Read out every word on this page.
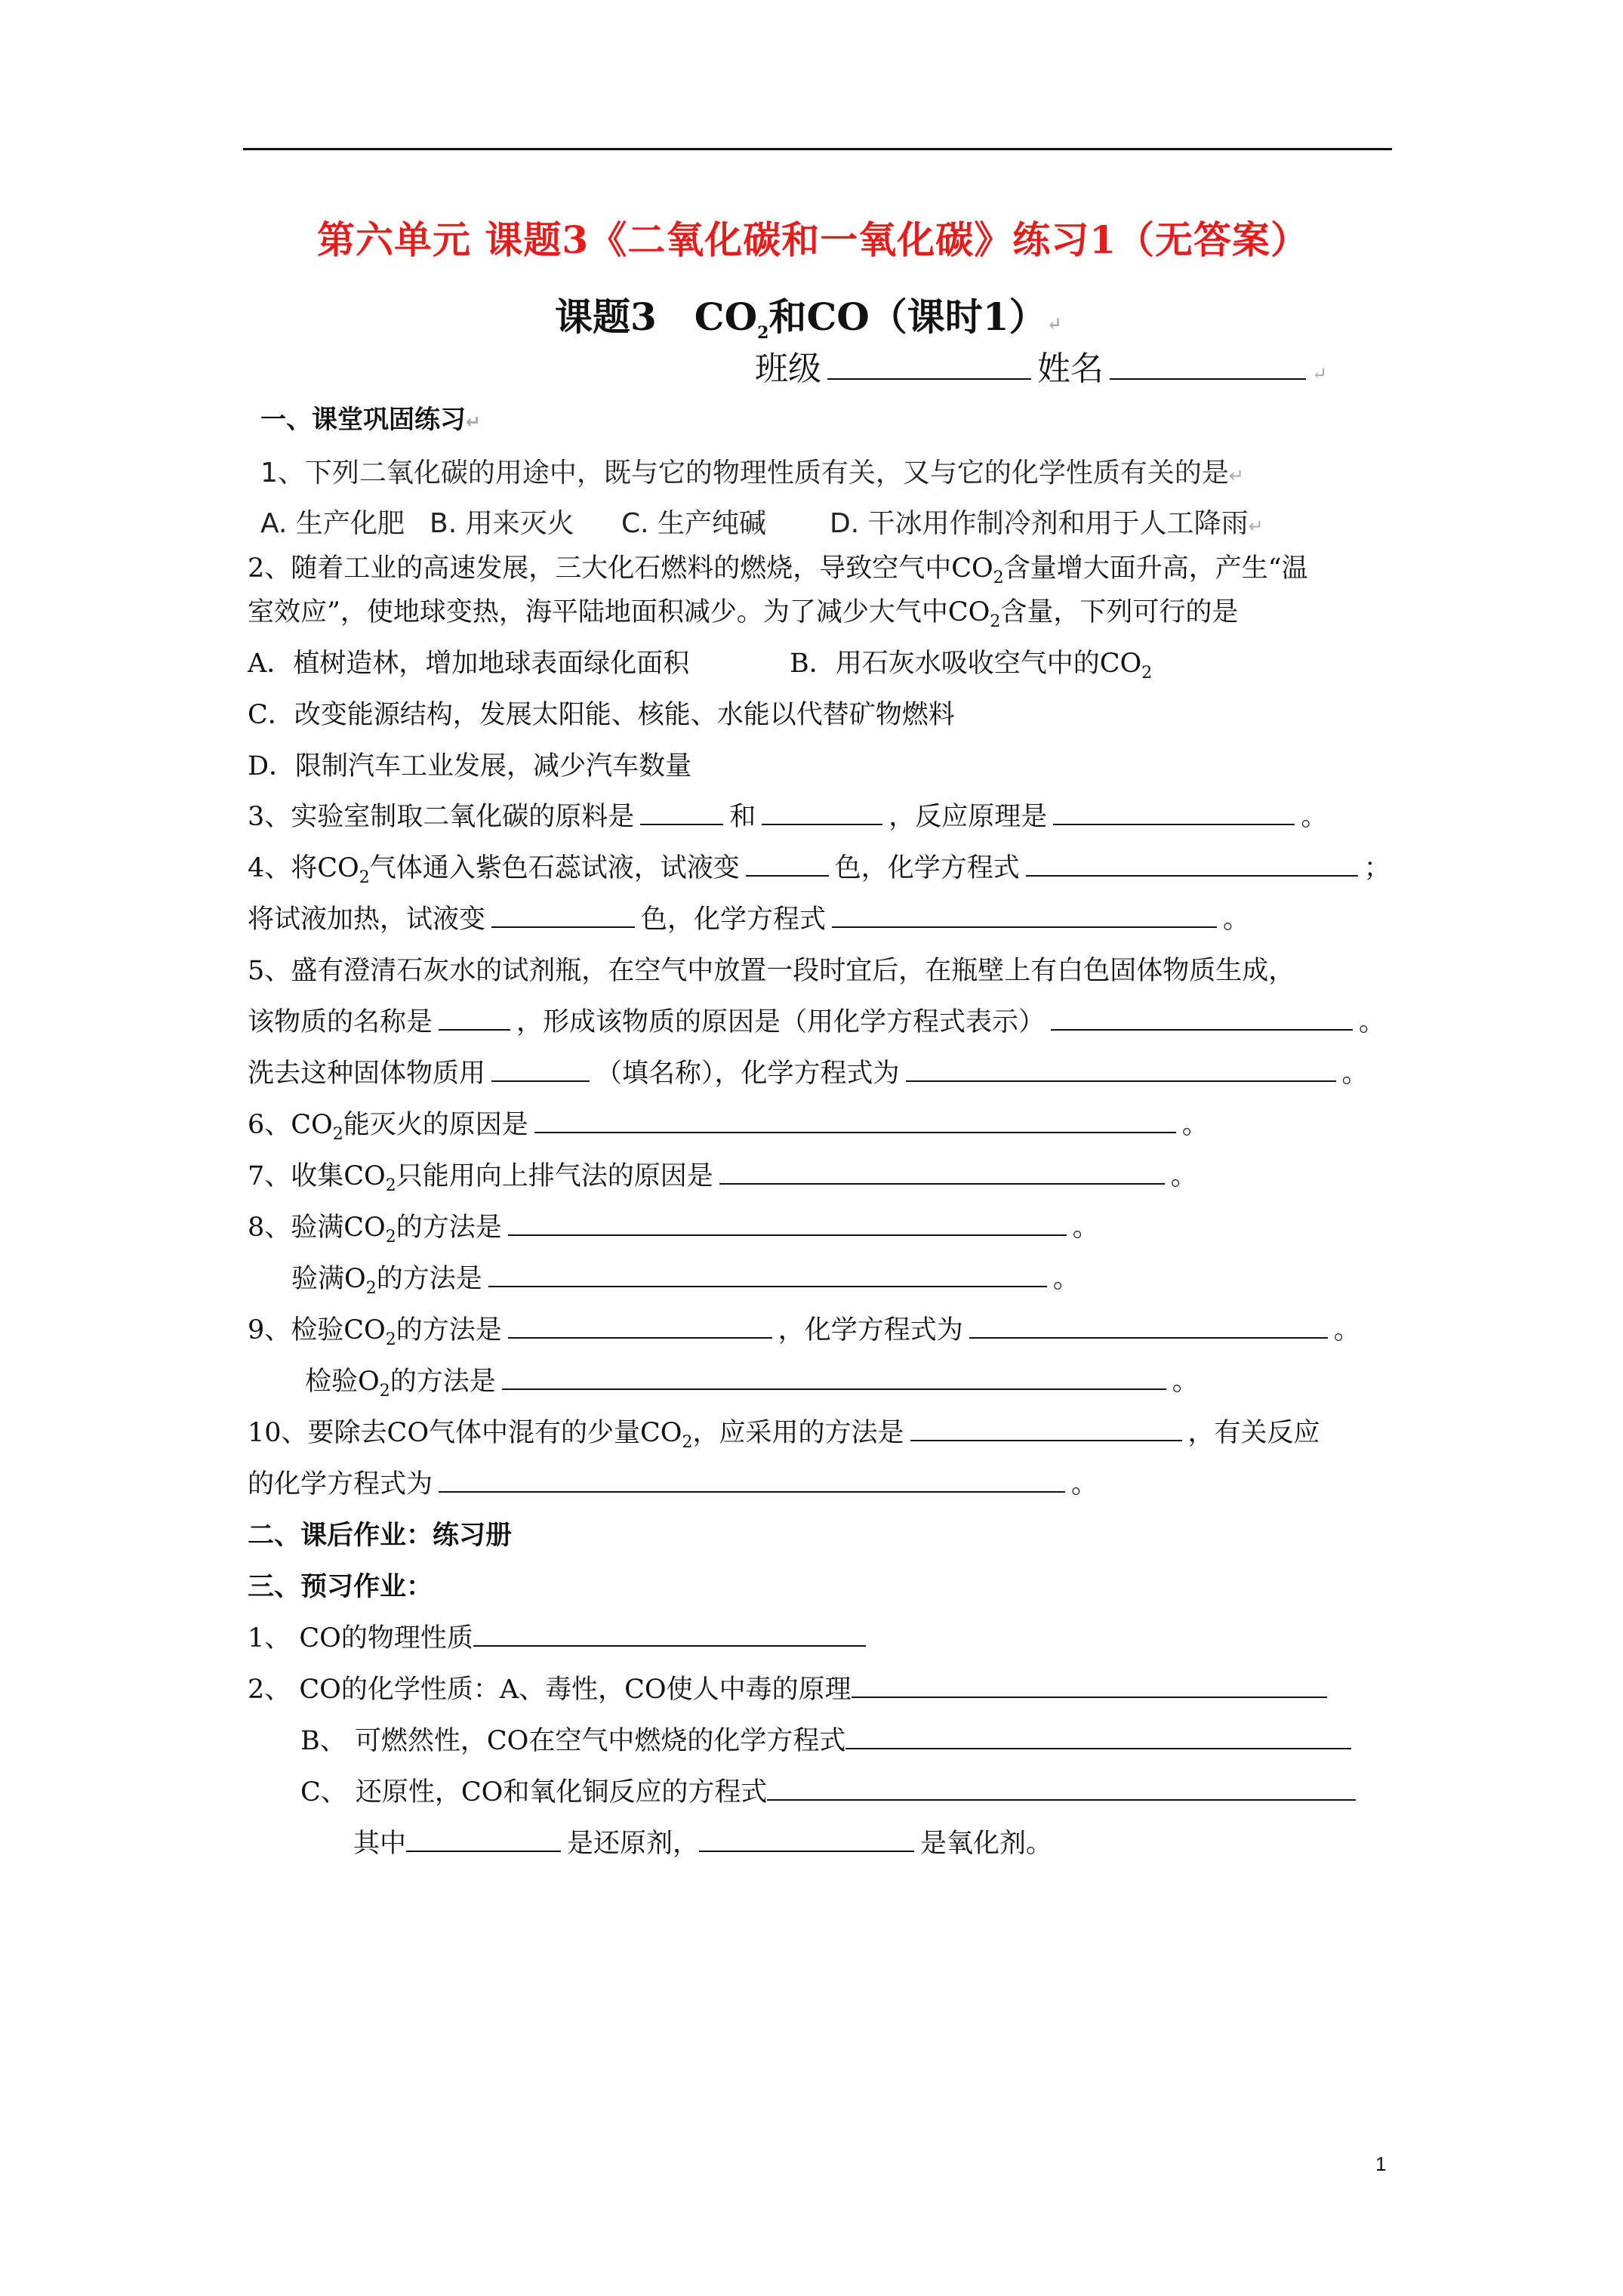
第六单元 课题3《二氧化碳和一氧化碳》练习1（无答案）
课题3　$CO_2$和CO（课时1）↵
班级	姓名	↵
一、课堂巩固练习↵
1、下列二氧化碳的用途中，既与它的物理性质有关，又与它的化学性质有关的是↵
A. 生产化肥 B. 用来灭火 C. 生产纯碱 D. 干冰用作制冷剂和用于人工降雨↵
2、随着工业的高速发展，三大化石燃料的燃烧，导致空气中$CO_2$含量增大面升高，产生“温
室效应”，使地球变热，海平陆地面积减少。为了减少大气中$CO_2$含量，下列可行的是
A．植树造林，增加地球表面绿化面积	B．用石灰水吸收空气中的$CO_2$
C．改变能源结构，发展太阳能、核能、水能以代替矿物燃料
D．限制汽车工业发展，减少汽车数量
3、实验室制取二氧化碳的原料是	和	，反应原理是	。
4、将$CO_2$气体通入紫色石蕊试液，试液变	色，化学方程式	；
将试液加热，试液变	色，化学方程式	。
5、盛有澄清石灰水的试剂瓶，在空气中放置一段时宜后，在瓶壁上有白色固体物质生成，
该物质的名称是	，形成该物质的原因是（用化学方程式表示）	。
洗去这种固体物质用	（填名称），化学方程式为	。
6、$CO_2$能灭火的原因是	。
7、收集$CO_2$只能用向上排气法的原因是	。
8、验满$CO_2$的方法是	。
验满$O_2$的方法是	。
9、检验$CO_2$的方法是	，化学方程式为	。
检验$O_2$的方法是	。
10、要除去CO气体中混有的少量$CO_2$，应采用的方法是	，有关反应
的化学方程式为	。
二、课后作业：练习册
三、预习作业：
1、 CO的物理性质
2、 CO的化学性质：A、毒性，CO使人中毒的原理
B、 可燃然性，CO在空气中燃烧的化学方程式
C、 还原性，CO和氧化铜反应的方程式
其中	是还原剂，	是氧化剂。
1
